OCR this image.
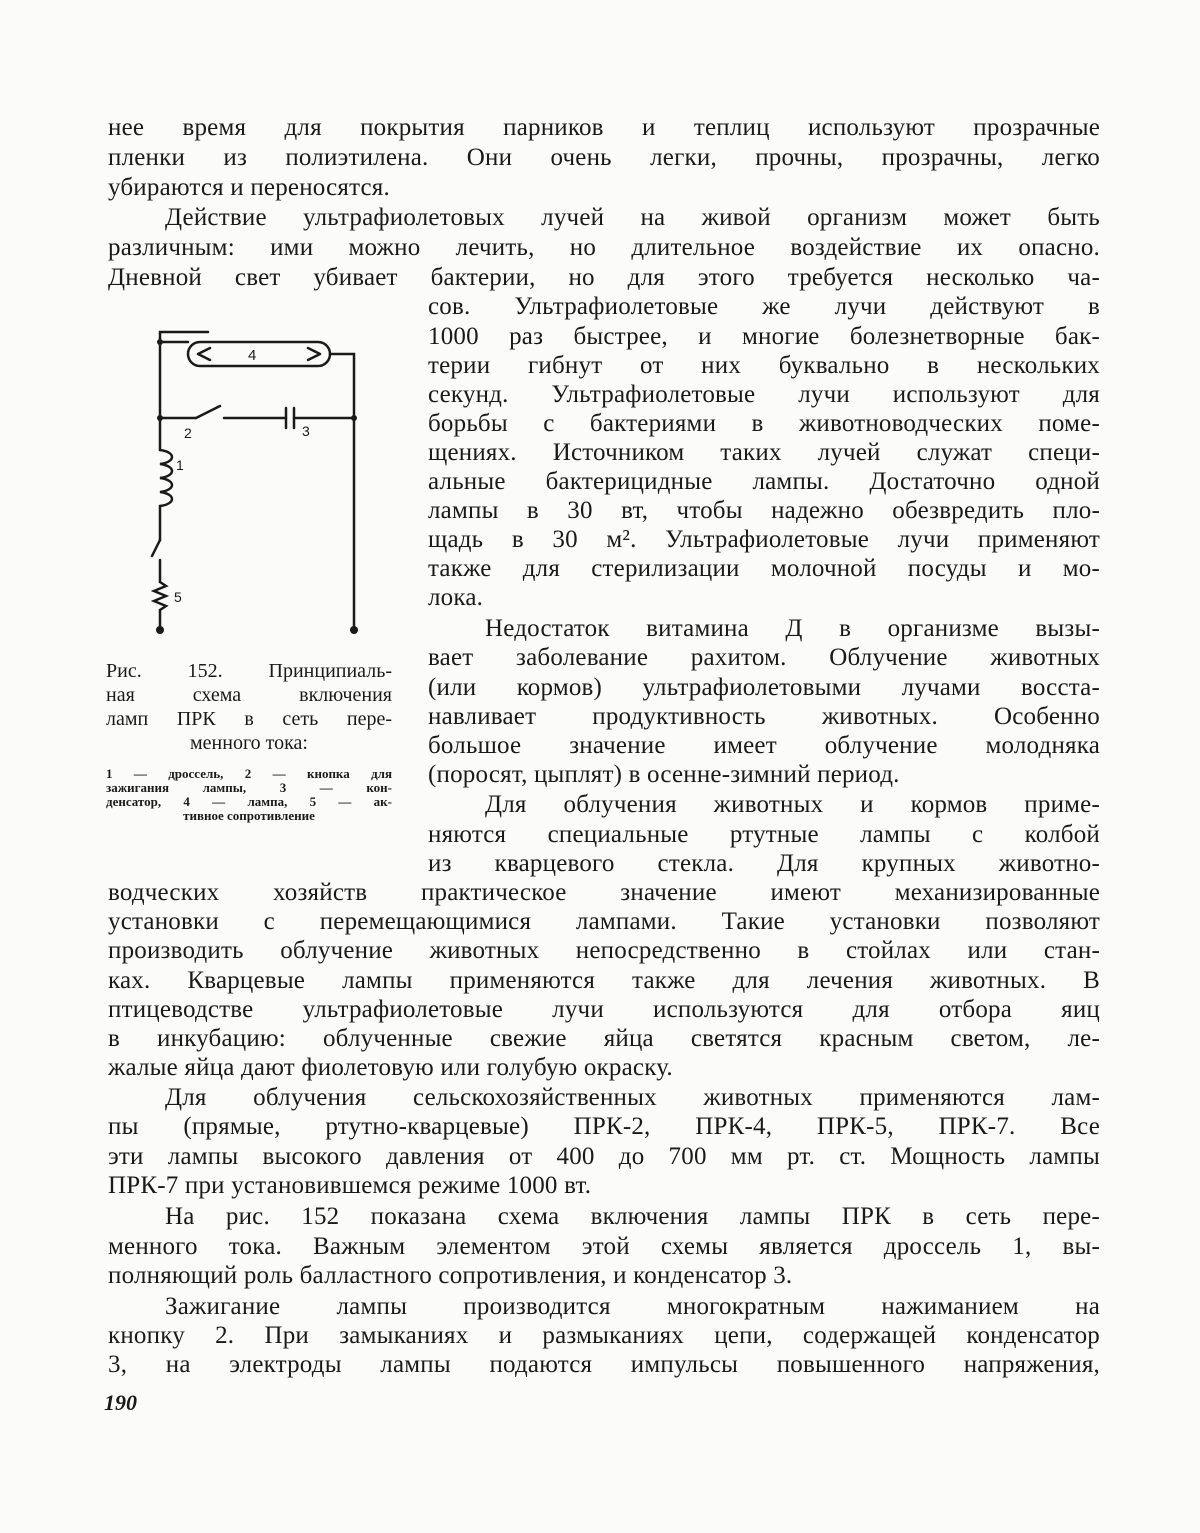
нее время для покрытия парников и теплиц используют прозрачные
пленки из полиэтилена. Они очень легки, прочны, прозрачны, легко
убираются и переносятся.
Действие ультрафиолетовых лучей на живой организм может быть
различным: ими можно лечить, но длительное воздействие их опасно.
Дневной свет убивает бактерии, но для этого требуется несколько ча-
сов. Ультрафиолетовые же лучи действуют в
1000 раз быстрее, и многие болезнетворные бак-
терии гибнут от них буквально в нескольких
секунд. Ультрафиолетовые лучи используют для
борьбы с бактериями в животноводческих поме-
щениях. Источником таких лучей служат специ-
альные бактерицидные лампы. Достаточно одной
лампы в 30 вт, чтобы надежно обезвредить пло-
щадь в 30 м². Ультрафиолетовые лучи применяют
также для стерилизации молочной посуды и мо-
лока.
Недостаток витамина Д в организме вызы-
вает заболевание рахитом. Облучение животных
(или кормов) ультрафиолетовыми лучами восста-
навливает продуктивность животных. Особенно
большое значение имеет облучение молодняка
(поросят, цыплят) в осенне-зимний период.
Для облучения животных и кормов приме-
няются специальные ртутные лампы с колбой
из кварцевого стекла. Для крупных животно-
водческих хозяйств практическое значение имеют механизированные
установки с перемещающимися лампами. Такие установки позволяют
производить облучение животных непосредственно в стойлах или стан-
ках. Кварцевые лампы применяются также для лечения животных. В
птицеводстве ультрафиолетовые лучи используются для отбора яиц
в инкубацию: облученные свежие яйца светятся красным светом, ле-
жалые яйца дают фиолетовую или голубую окраску.
Для облучения сельскохозяйственных животных применяются лам-
пы (прямые, ртутно-кварцевые) ПРК-2, ПРК-4, ПРК-5, ПРК-7. Все
эти лампы высокого давления от 400 до 700 мм рт. ст. Мощность лампы
ПРК-7 при установившемся режиме 1000 вт.
На рис. 152 показана схема включения лампы ПРК в сеть пере-
менного тока. Важным элементом этой схемы является дроссель 1, вы-
полняющий роль балластного сопротивления, и конденсатор 3.
Зажигание лампы производится многократным нажиманием на
кнопку 2. При замыканиях и размыканиях цепи, содержащей конденсатор
3, на электроды лампы подаются импульсы повышенного напряжения,
4
2	3
1
5
Рис. 152. Принципиаль-
ная схема включения
ламп ПРК в сеть пере-
менного тока:
1 — дроссель, 2 — кнопка для
зажигания лампы, 3 — кон-
денсатор, 4 — лампа, 5 — ак-
тивное сопротивление
190
